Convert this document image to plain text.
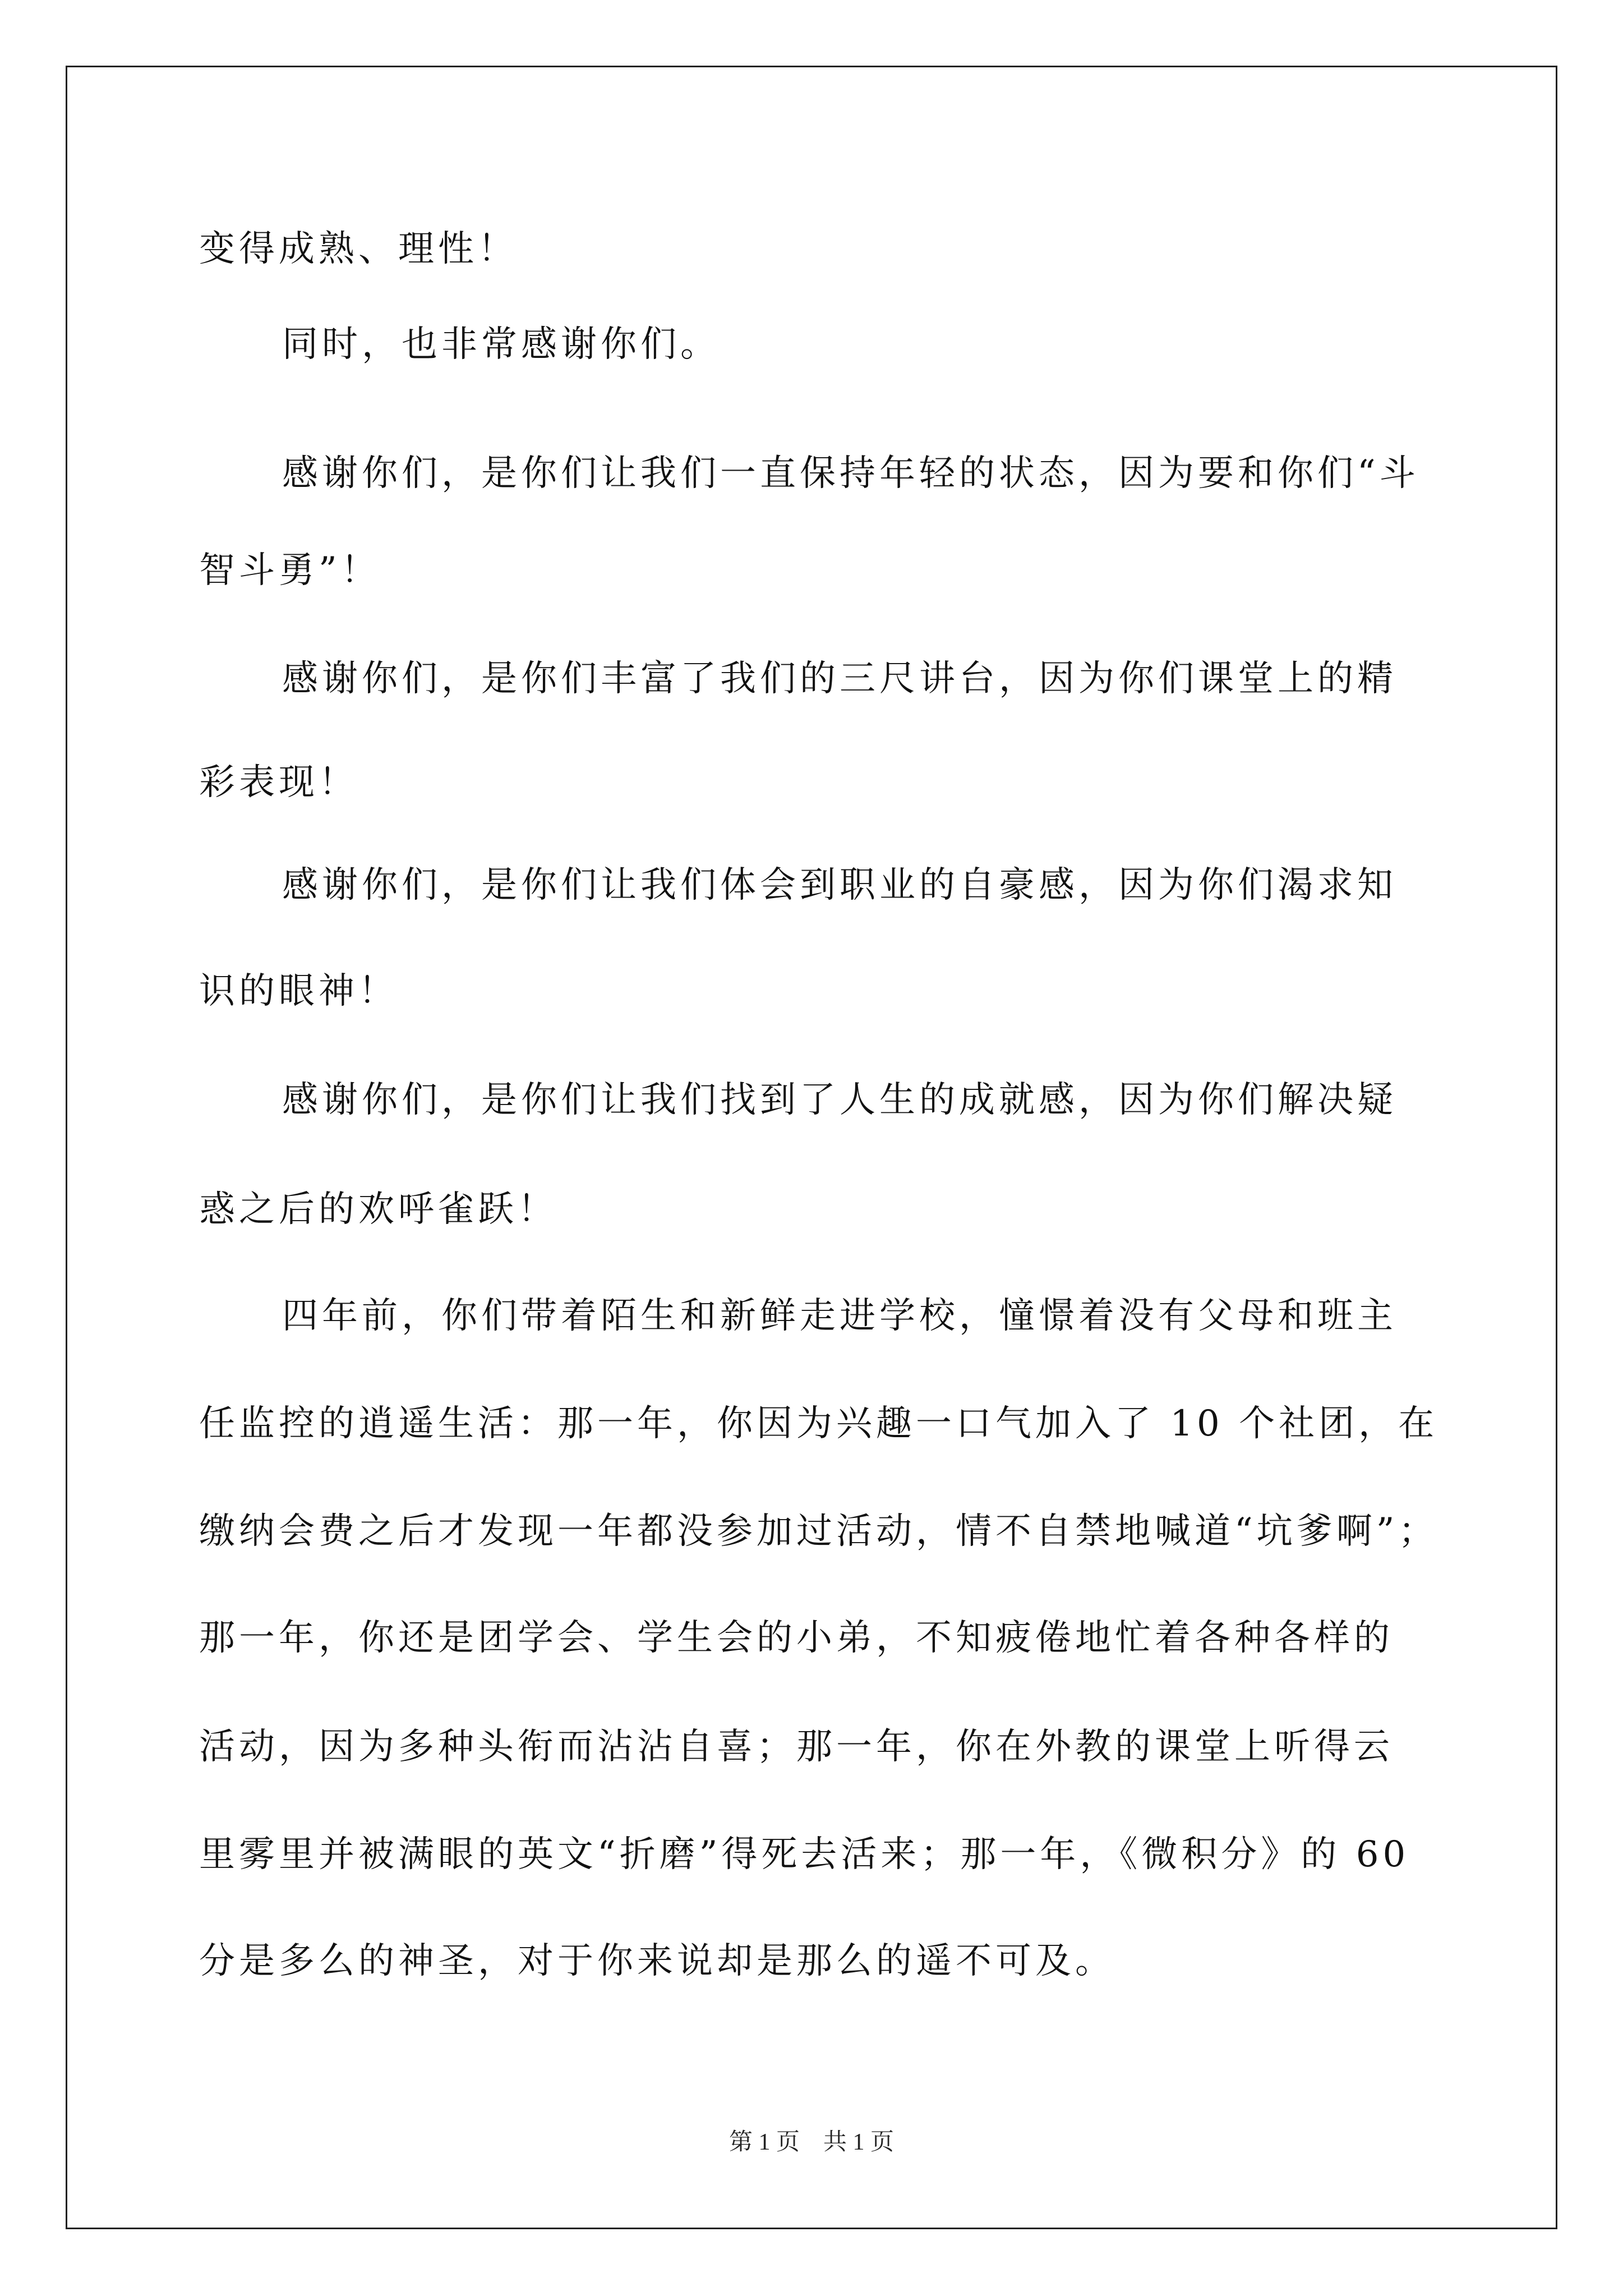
变得成熟、理性！
同时，也非常感谢你们。
感谢你们，是你们让我们一直保持年轻的状态，因为要和你们“斗
智斗勇”！
感谢你们，是你们丰富了我们的三尺讲台，因为你们课堂上的精
彩表现！
感谢你们，是你们让我们体会到职业的自豪感，因为你们渴求知
识的眼神！
感谢你们，是你们让我们找到了人生的成就感，因为你们解决疑
惑之后的欢呼雀跃！
四年前，你们带着陌生和新鲜走进学校，憧憬着没有父母和班主
任监控的逍遥生活：那一年，你因为兴趣一口气加入了 10 个社团，在
缴纳会费之后才发现一年都没参加过活动，情不自禁地喊道“坑爹啊”；
那一年，你还是团学会、学生会的小弟，不知疲倦地忙着各种各样的
活动，因为多种头衔而沾沾自喜；那一年，你在外教的课堂上听得云
里雾里并被满眼的英文“折磨”得死去活来；那一年，《微积分》的 60
分是多么的神圣，对于你来说却是那么的遥不可及。
第 1 页　共 1 页
